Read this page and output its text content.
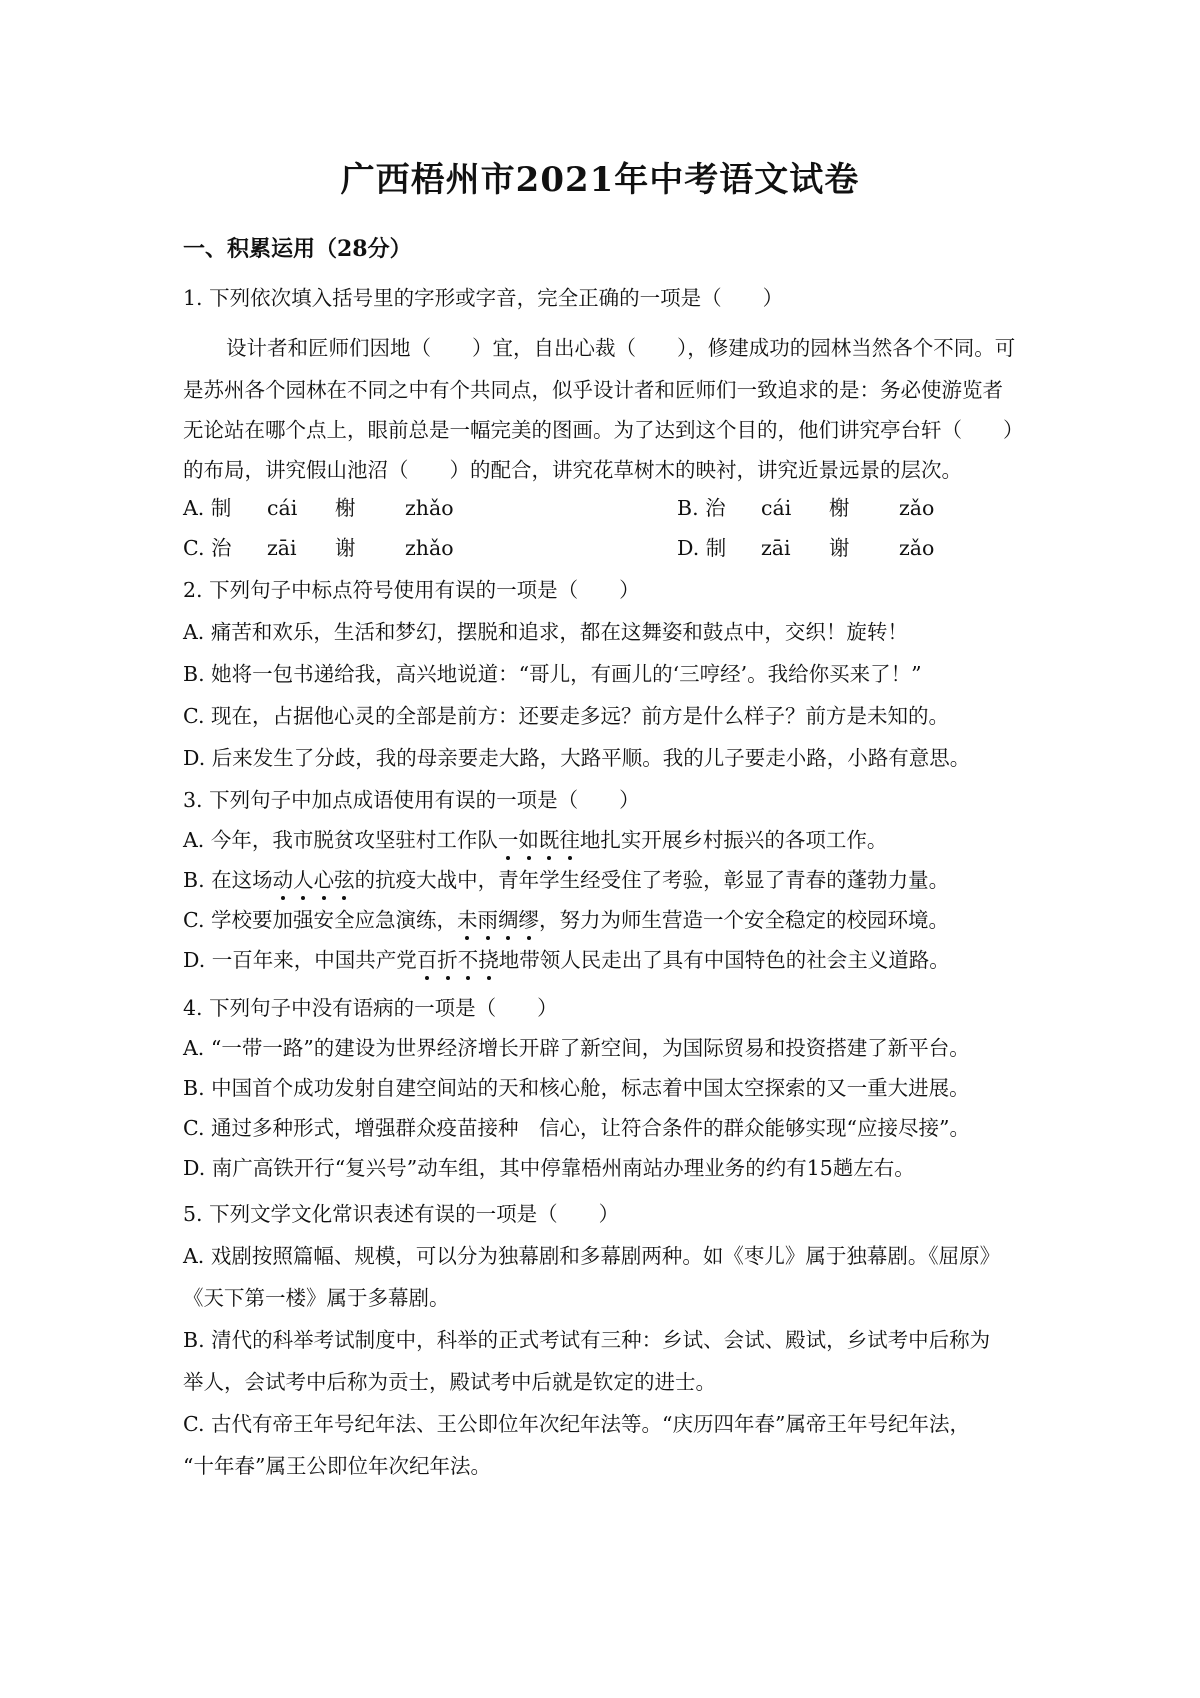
广西梧州市2021年中考语文试卷
一、积累运用（28分）
1. 下列依次填入括号里的字形或字音，完全正确的一项是（　　）
设计者和匠师们因地（　　）宜，自出心裁（　　），修建成功的园林当然各个不同。可
是苏州各个园林在不同之中有个共同点，似乎设计者和匠师们一致追求的是：务必使游览者
无论站在哪个点上，眼前总是一幅完美的图画。为了达到这个目的，他们讲究亭台轩（　　）
的布局，讲究假山池沼（　　）的配合，讲究花草树木的映衬，讲究近景远景的层次。
A. 制 cái 榭 zhǎo	B. 治 cái 榭 zǎo
C. 治 zāi 谢 zhǎo	D. 制 zāi 谢 zǎo
2. 下列句子中标点符号使用有误的一项是（　　）
A. 痛苦和欢乐，生活和梦幻，摆脱和追求，都在这舞姿和鼓点中，交织！旋转！
B. 她将一包书递给我，高兴地说道：“哥儿，有画儿的‘三哼经’。我给你买来了！”
C. 现在，占据他心灵的全部是前方：还要走多远？前方是什么样子？前方是未知的。
D. 后来发生了分歧，我的母亲要走大路，大路平顺。我的儿子要走小路，小路有意思。
3. 下列句子中加点成语使用有误的一项是（　　）
A. 今年，我市脱贫攻坚驻村工作队一
如
既
往
地扎实开展乡村振兴的各项工作。
B. 在这场动
人
心
弦
的抗疫大战中，青年学生经受住了考验，彰显了青春的蓬勃力量。
C. 学校要加强安全应急演练，未
雨
绸
缪
，努力为师生营造一个安全稳定的校园环境。
D. 一百年来，中国共产党百
折
不
挠
地带领人民走出了具有中国特色的社会主义道路。
4. 下列句子中没有语病的一项是（　　）
A. “一带一路”的建设为世界经济增长开辟了新空间，为国际贸易和投资搭建了新平台。
B. 中国首个成功发射自建空间站的天和核心舱，标志着中国太空探索的又一重大进展。
C. 通过多种形式，增强群众疫苗接种　信心，让符合条件的群众能够实现“应接尽接”。
D. 南广高铁开行“复兴号”动车组，其中停靠梧州南站办理业务的约有15趟左右。
5. 下列文学文化常识表述有误的一项是（　　）
A. 戏剧按照篇幅、规模，可以分为独幕剧和多幕剧两种。如《枣儿》属于独幕剧。《屈原》
《天下第一楼》属于多幕剧。
B. 清代的科举考试制度中，科举的正式考试有三种：乡试、会试、殿试，乡试考中后称为
举人，会试考中后称为贡士，殿试考中后就是钦定的进士。
C. 古代有帝王年号纪年法、王公即位年次纪年法等。“庆历四年春”属帝王年号纪年法，
“十年春”属王公即位年次纪年法。
